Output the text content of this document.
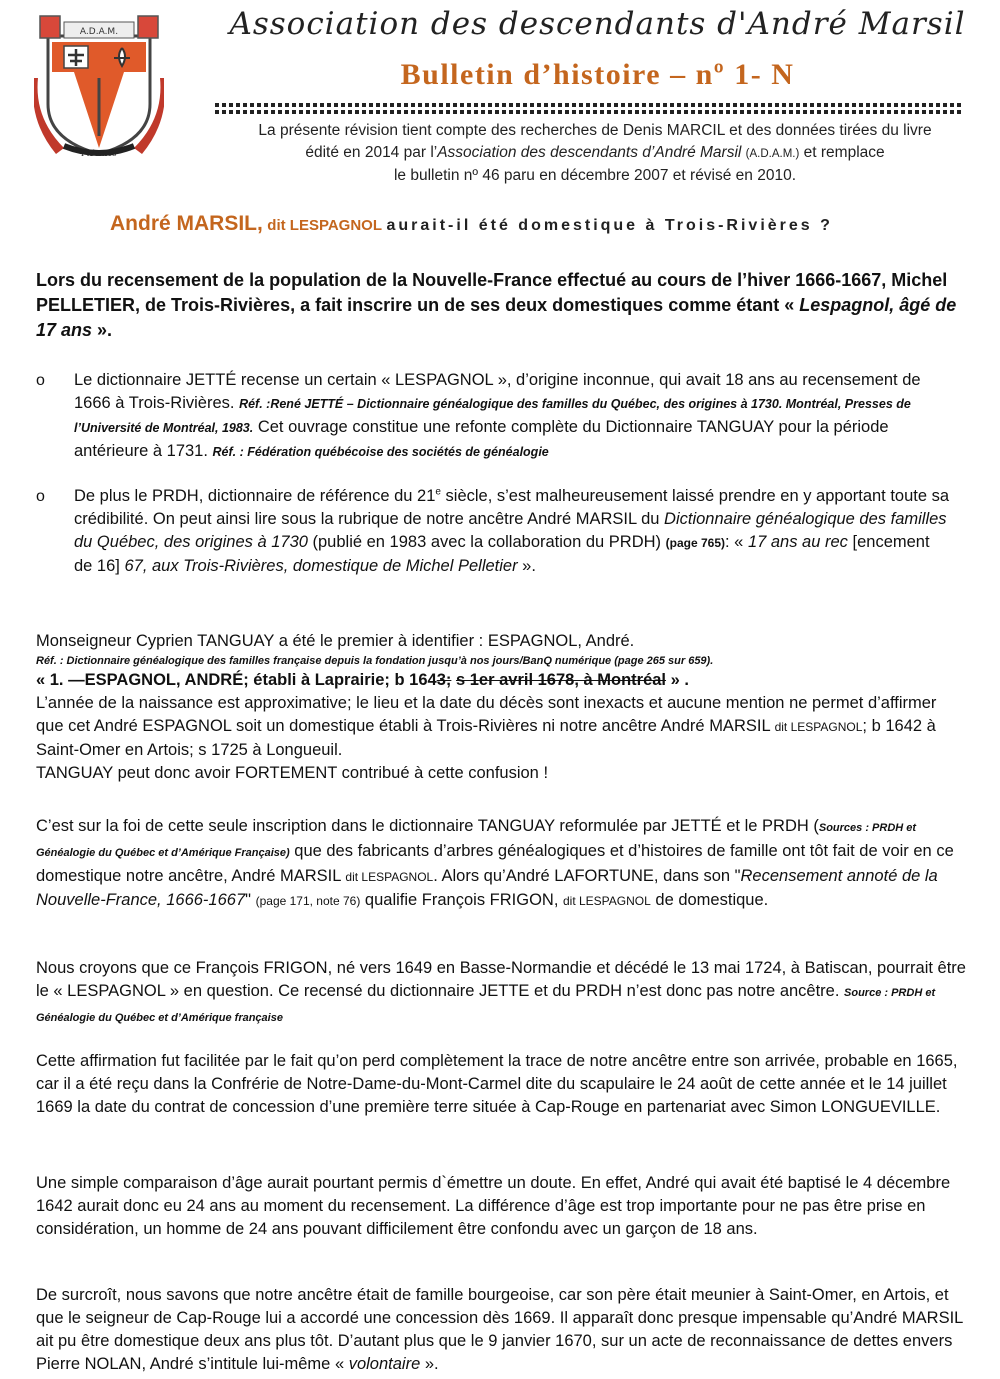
A.D.A.M.
Fidentes
Association des descendants d'André Marsil
Bulletin d’histoire – nº 1- N
La présente révision tient compte des recherches de Denis MARCIL et des données tirées du livre
édité en 2014 par l’Association des descendants d’André Marsil (A.D.A.M.) et remplace
le bulletin nº 46 paru en décembre 2007 et révisé en 2010.
André MARSIL, dit LESPAGNOL aurait-il été domestique à Trois-Rivières ?
Lors du recensement de la population de la Nouvelle-France effectué au cours de l’hiver 1666-1667, Michel PELLETIER, de Trois-Rivières, a fait inscrire un de ses deux domestiques comme étant « Lespagnol, âgé de 17 ans ».
o Le dictionnaire JETTÉ recense un certain « LESPAGNOL », d’origine inconnue, qui avait 18 ans au recensement de 1666 à Trois-Rivières. Réf. :René JETTÉ – Dictionnaire généalogique des familles du Québec, des origines à 1730. Montréal, Presses de l’Université de Montréal, 1983. Cet ouvrage constitue une refonte complète du Dictionnaire TANGUAY pour la période antérieure à 1731. Réf. : Fédération québécoise des sociétés de généalogie
o De plus le PRDH, dictionnaire de référence du 21e siècle, s’est malheureusement laissé prendre en y apportant toute sa crédibilité. On peut ainsi lire sous la rubrique de notre ancêtre André MARSIL du Dictionnaire généalogique des familles du Québec, des origines à 1730 (publié en 1983 avec la collaboration du PRDH) (page 765): « 17 ans au rec [encement de 16] 67, aux Trois-Rivières, domestique de Michel Pelletier ».
Monseigneur Cyprien TANGUAY a été le premier à identifier : ESPAGNOL, André.
Réf. : Dictionnaire généalogique des familles française depuis la fondation jusqu’à nos jours/BanQ numérique (page 265 sur 659).
« 1. —ESPAGNOL, ANDRÉ; établi à Laprairie; b 1643; s 1er avril 1678, à Montréal » .
L’année de la naissance est approximative; le lieu et la date du décès sont inexacts et aucune mention ne permet d’affirmer que cet André ESPAGNOL soit un domestique établi à Trois-Rivières ni notre ancêtre André MARSIL dit LESPAGNOL; b 1642 à Saint-Omer en Artois; s 1725 à Longueuil.
TANGUAY peut donc avoir FORTEMENT contribué à cette confusion !
C’est sur la foi de cette seule inscription dans le dictionnaire TANGUAY reformulée par JETTÉ et le PRDH (Sources : PRDH et Généalogie du Québec et d’Amérique Française) que des fabricants d’arbres généalogiques et d’histoires de famille ont tôt fait de voir en ce domestique notre ancêtre, André MARSIL dit LESPAGNOL. Alors qu’André LAFORTUNE, dans son "Recensement annoté de la Nouvelle-France, 1666-1667" (page 171, note 76) qualifie François FRIGON, dit LESPAGNOL de domestique.
Nous croyons que ce François FRIGON, né vers 1649 en Basse-Normandie et décédé le 13 mai 1724, à Batiscan, pourrait être le « LESPAGNOL » en question. Ce recensé du dictionnaire JETTE et du PRDH n’est donc pas notre ancêtre. Source : PRDH et Généalogie du Québec et d’Amérique française
Cette affirmation fut facilitée par le fait qu’on perd complètement la trace de notre ancêtre entre son arrivée, probable en 1665, car il a été reçu dans la Confrérie de Notre-Dame-du-Mont-Carmel dite du scapulaire le 24 août de cette année et le 14 juillet 1669 la date du contrat de concession d’une première terre située à Cap-Rouge en partenariat avec Simon LONGUEVILLE.
Une simple comparaison d’âge aurait pourtant permis d`émettre un doute. En effet, André qui avait été baptisé le 4 décembre 1642 aurait donc eu 24 ans au moment du recensement. La différence d’âge est trop importante pour ne pas être prise en considération, un homme de 24 ans pouvant difficilement être confondu avec un garçon de 18 ans.
De surcroît, nous savons que notre ancêtre était de famille bourgeoise, car son père était meunier à Saint-Omer, en Artois, et que le seigneur de Cap-Rouge lui a accordé une concession dès 1669. Il apparaît donc presque impensable qu’André MARSIL ait pu être domestique deux ans plus tôt. D’autant plus que le 9 janvier 1670, sur un acte de reconnaissance de dettes envers Pierre NOLAN, André s’intitule lui-même « volontaire ».
